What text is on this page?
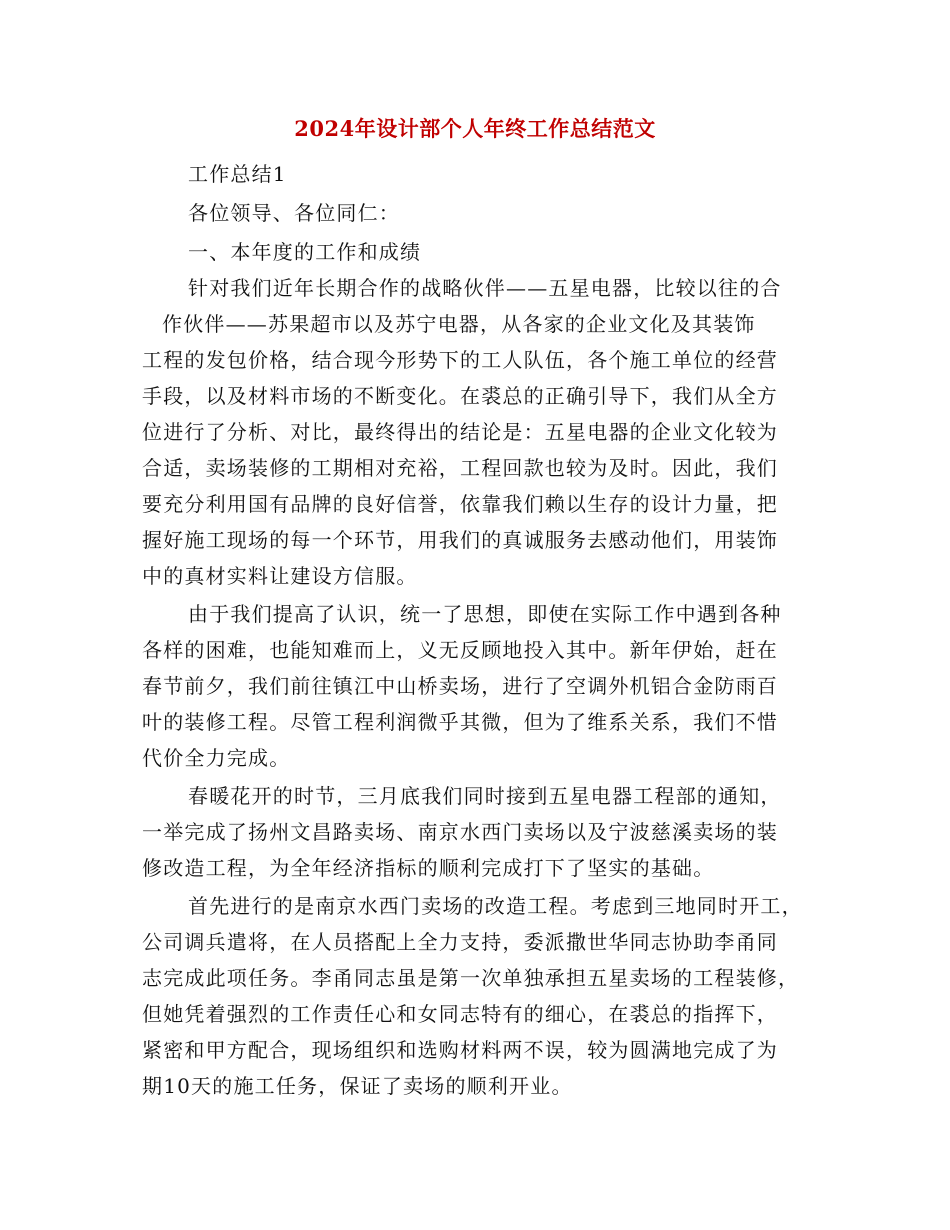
2024年设计部个人年终工作总结范文
工作总结1
各位领导、各位同仁：
一、本年度的工作和成绩
针对我们近年长期合作的战略伙伴——五星电器，比较以往的合
作伙伴——苏果超市以及苏宁电器，从各家的企业文化及其装饰
工程的发包价格，结合现今形势下的工人队伍，各个施工单位的经营
手段，以及材料市场的不断变化。在裘总的正确引导下，我们从全方
位进行了分析、对比，最终得出的结论是：五星电器的企业文化较为
合适，卖场装修的工期相对充裕，工程回款也较为及时。因此，我们
要充分利用国有品牌的良好信誉，依靠我们赖以生存的设计力量，把
握好施工现场的每一个环节，用我们的真诚服务去感动他们，用装饰
中的真材实料让建设方信服。
由于我们提高了认识，统一了思想，即使在实际工作中遇到各种
各样的困难，也能知难而上，义无反顾地投入其中。新年伊始，赶在
春节前夕，我们前往镇江中山桥卖场，进行了空调外机铝合金防雨百
叶的装修工程。尽管工程利润微乎其微，但为了维系关系，我们不惜
代价全力完成。
春暖花开的时节，三月底我们同时接到五星电器工程部的通知，
一举完成了扬州文昌路卖场、南京水西门卖场以及宁波慈溪卖场的装
修改造工程，为全年经济指标的顺利完成打下了坚实的基础。
首先进行的是南京水西门卖场的改造工程。考虑到三地同时开工，
公司调兵遣将，在人员搭配上全力支持，委派撒世华同志协助李甬同
志完成此项任务。李甬同志虽是第一次单独承担五星卖场的工程装修，
但她凭着强烈的工作责任心和女同志特有的细心，在裘总的指挥下，
紧密和甲方配合，现场组织和选购材料两不误，较为圆满地完成了为
期10天的施工任务，保证了卖场的顺利开业。
